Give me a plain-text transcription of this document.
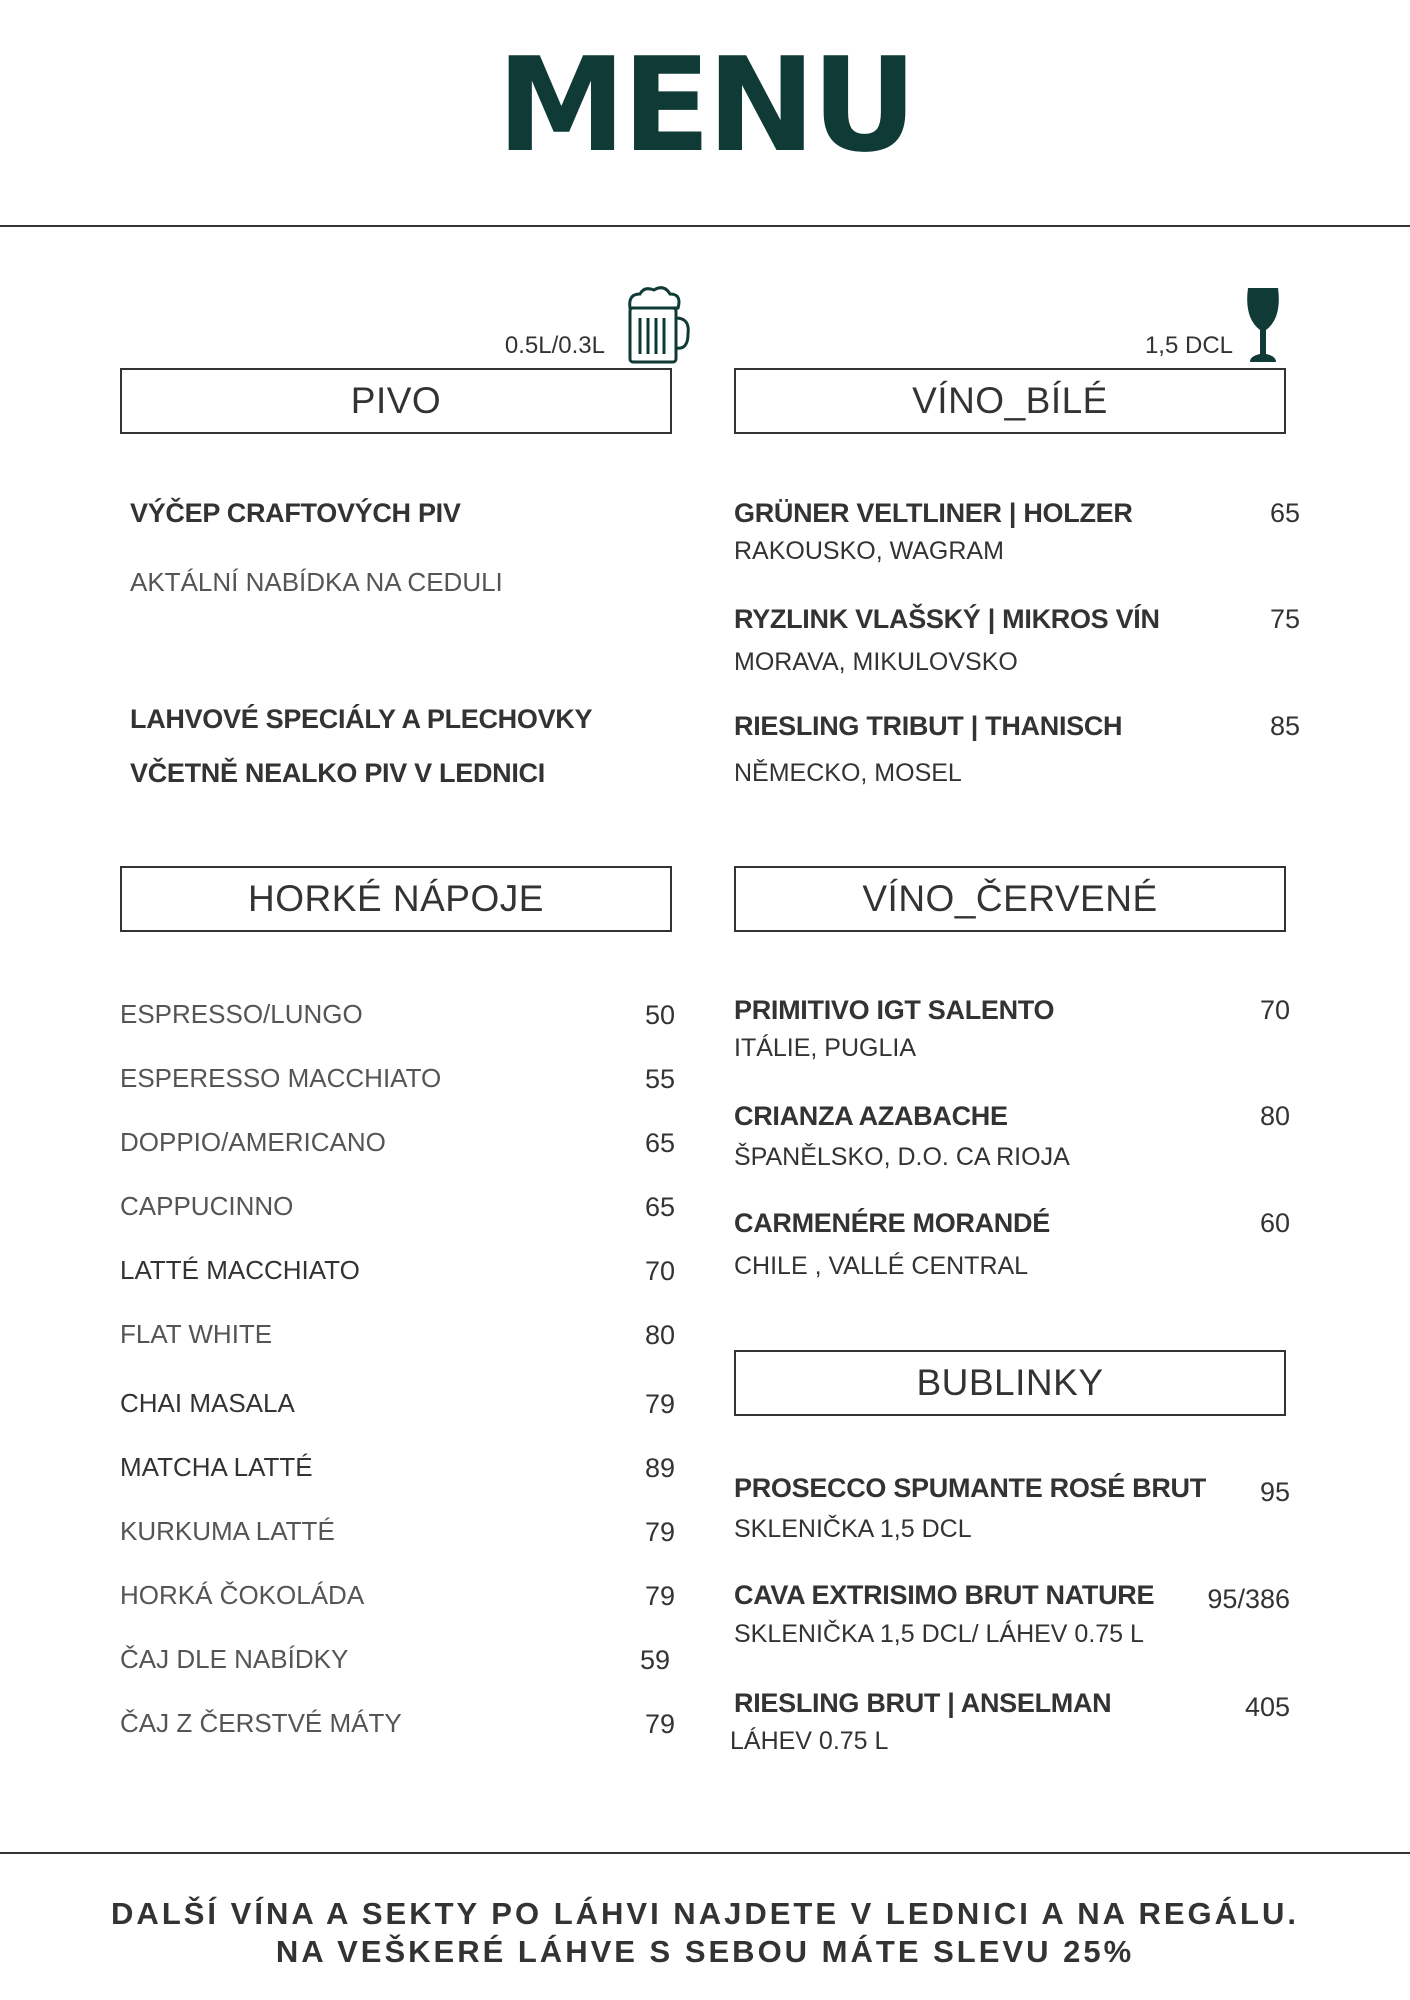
MENU
0.5L/0.3L
PIVO
VÝČEP CRAFTOVÝCH PIV
AKTÁLNÍ NABÍDKA NA CEDULI
LAHVOVÉ SPECIÁLY A PLECHOVKY
VČETNĚ NEALKO PIV V LEDNICI
1,5 DCL
VÍNO_BÍLÉ
GRÜNER VELTLINER | HOLZER
RAKOUSKO, WAGRAM
65
RYZLINK VLAŠSKÝ | MIKROS VÍN
MORAVA, MIKULOVSKO
75
RIESLING TRIBUT | THANISCH
NĚMECKO, MOSEL
85
HORKÉ NÁPOJE
ESPRESSO/LUNGO	50
ESPERESSO MACCHIATO	55
DOPPIO/AMERICANO	65
CAPPUCINNO	65
LATTÉ MACCHIATO	70
FLAT WHITE	80
CHAI MASALA	79
MATCHA LATTÉ	89
KURKUMA LATTÉ	79
HORKÁ ČOKOLÁDA	79
ČAJ DLE NABÍDKY	59
ČAJ Z ČERSTVÉ MÁTY	79
VÍNO_ČERVENÉ
PRIMITIVO IGT SALENTO
ITÁLIE, PUGLIA
70
CRIANZA AZABACHE
ŠPANĚLSKO, D.O. CA RIOJA
80
CARMENÉRE MORANDÉ
CHILE , VALLÉ CENTRAL
60
BUBLINKY
PROSECCO SPUMANTE ROSÉ BRUT
SKLENIČKA 1,5 DCL
95
CAVA EXTRISIMO BRUT NATURE
SKLENIČKA 1,5 DCL/ LÁHEV 0.75 L
95/386
RIESLING BRUT | ANSELMAN
LÁHEV 0.75 L
405
DALŠÍ VÍNA A SEKTY PO LÁHVI NAJDETE V LEDNICI A NA REGÁLU.
NA VEŠKERÉ LÁHVE S SEBOU MÁTE SLEVU 25%
